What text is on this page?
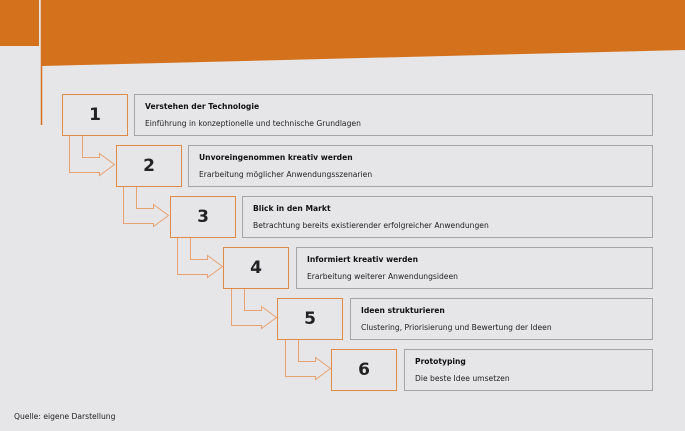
1	Verstehen der Technologie
Einführung in konzeptionelle und technische Grundlagen
2	Unvoreingenommen kreativ werden
Erarbeitung möglicher Anwendungsszenarien
3	Blick in den Markt
Betrachtung bereits existierender erfolgreicher Anwendungen
4	Informiert kreativ werden
Erarbeitung weiterer Anwendungsideen
5	Ideen strukturieren
Clustering, Priorisierung und Bewertung der Ideen
6	Prototyping
Die beste Idee umsetzen
Quelle: eigene Darstellung
